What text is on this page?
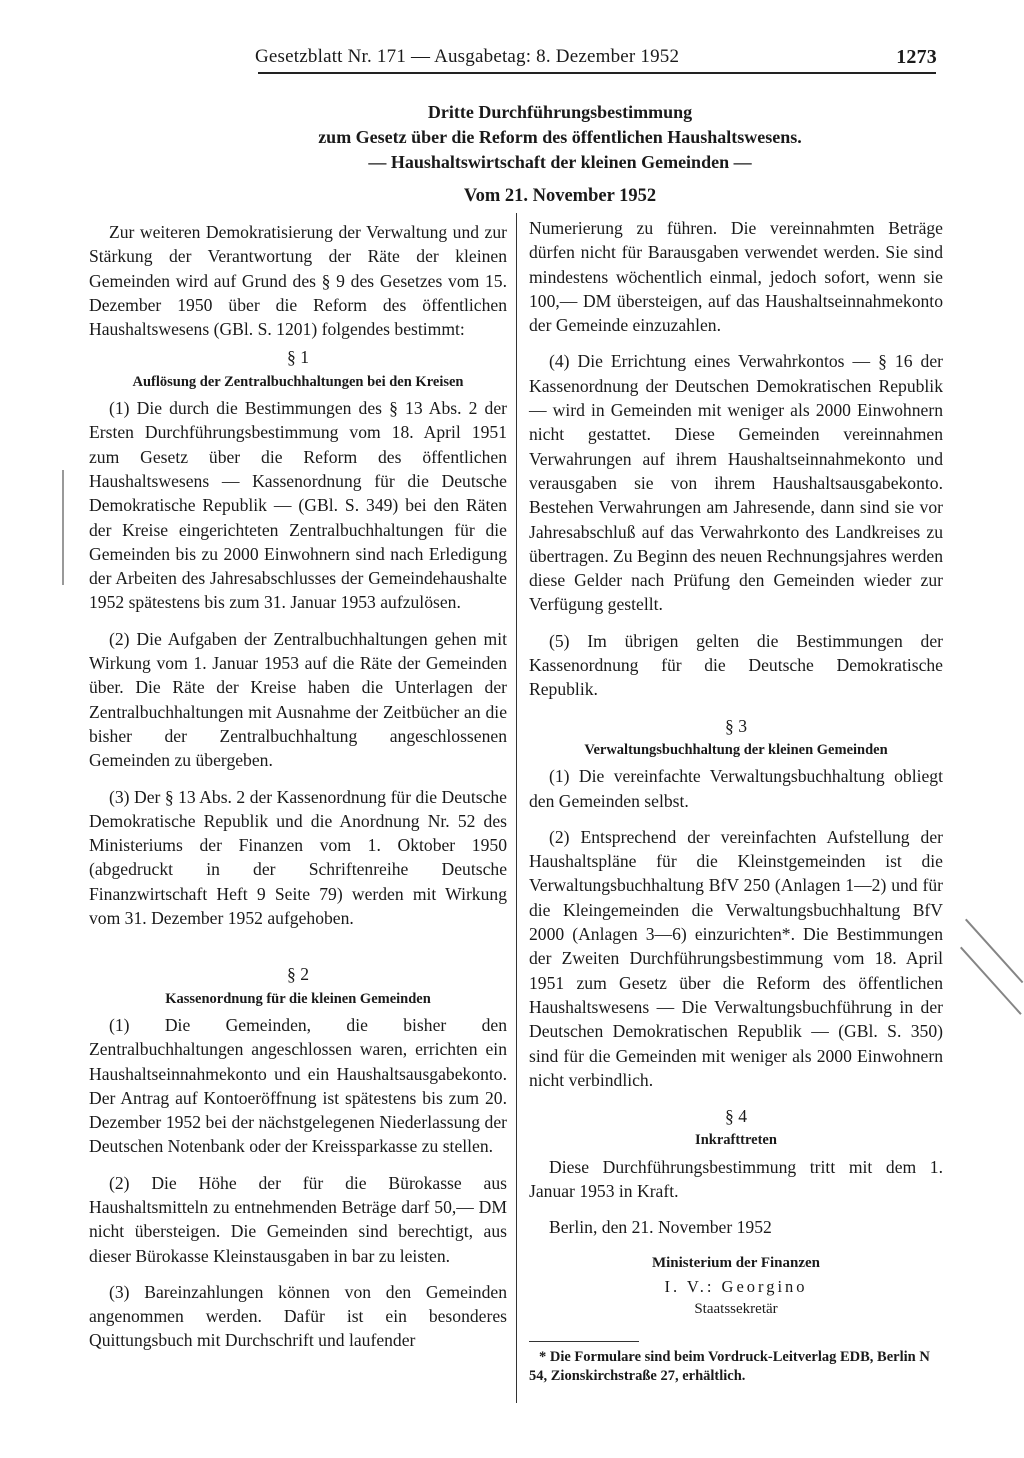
Gesetzblatt Nr. 171 — Ausgabetag: 8. Dezember 1952	1273
Dritte Durchführungsbestimmung
zum Gesetz über die Reform des öffentlichen Haushaltswesens.
— Haushaltswirtschaft der kleinen Gemeinden —
Vom 21. November 1952

Zur weiteren Demokratisierung der Verwaltung und zur Stärkung der Verantwortung der Räte der kleinen Gemeinden wird auf Grund des § 9 des Gesetzes vom 15. Dezember 1950 über die Reform des öffentlichen Haushaltswesens (GBl. S. 1201) folgendes bestimmt:

§ 1
Auflösung der Zentralbuchhaltungen bei den Kreisen

(1) Die durch die Bestimmungen des § 13 Abs. 2 der Ersten Durchführungsbestimmung vom 18. April 1951 zum Gesetz über die Reform des öffentlichen Haushaltswesens — Kassenordnung für die Deutsche Demokratische Republik — (GBl. S. 349) bei den Räten der Kreise eingerichteten Zentralbuchhaltungen für die Gemeinden bis zu 2000 Einwohnern sind nach Erledigung der Arbeiten des Jahresabschlusses der Gemeindehaushalte 1952 spätestens bis zum 31. Januar 1953 aufzulösen.

(2) Die Aufgaben der Zentralbuchhaltungen gehen mit Wirkung vom 1. Januar 1953 auf die Räte der Gemeinden über. Die Räte der Kreise haben die Unterlagen der Zentralbuchhaltungen mit Ausnahme der Zeitbücher an die bisher der Zentralbuchhaltung angeschlossenen Gemeinden zu übergeben.

(3) Der § 13 Abs. 2 der Kassenordnung für die Deutsche Demokratische Republik und die Anordnung Nr. 52 des Ministeriums der Finanzen vom 1. Oktober 1950 (abgedruckt in der Schriftenreihe Deutsche Finanzwirtschaft Heft 9 Seite 79) werden mit Wirkung vom 31. Dezember 1952 aufgehoben.

§ 2
Kassenordnung für die kleinen Gemeinden

(1) Die Gemeinden, die bisher den Zentralbuchhaltungen angeschlossen waren, errichten ein Haushaltseinnahmekonto und ein Haushaltsausgabekonto. Der Antrag auf Kontoeröffnung ist spätestens bis zum 20. Dezember 1952 bei der nächstgelegenen Niederlassung der Deutschen Notenbank oder der Kreissparkasse zu stellen.

(2) Die Höhe der für die Bürokasse aus Haushaltsmitteln zu entnehmenden Beträge darf 50,— DM nicht übersteigen. Die Gemeinden sind berechtigt, aus dieser Bürokasse Kleinstausgaben in bar zu leisten.

(3) Bareinzahlungen können von den Gemeinden angenommen werden. Dafür ist ein besonderes Quittungsbuch mit Durchschrift und laufender

Numerierung zu führen. Die vereinnahmten Beträge dürfen nicht für Barausgaben verwendet werden. Sie sind mindestens wöchentlich einmal, jedoch sofort, wenn sie 100,— DM übersteigen, auf das Haushaltseinnahmekonto der Gemeinde einzuzahlen.

(4) Die Errichtung eines Verwahrkontos — § 16 der Kassenordnung der Deutschen Demokratischen Republik — wird in Gemeinden mit weniger als 2000 Einwohnern nicht gestattet. Diese Gemeinden vereinnahmen Verwahrungen auf ihrem Haushaltseinnahmekonto und verausgaben sie von ihrem Haushaltsausgabekonto. Bestehen Verwahrungen am Jahresende, dann sind sie vor Jahresabschluß auf das Verwahrkonto des Landkreises zu übertragen. Zu Beginn des neuen Rechnungsjahres werden diese Gelder nach Prüfung den Gemeinden wieder zur Verfügung gestellt.

(5) Im übrigen gelten die Bestimmungen der Kassenordnung für die Deutsche Demokratische Republik.

§ 3
Verwaltungsbuchhaltung der kleinen Gemeinden

(1) Die vereinfachte Verwaltungsbuchhaltung obliegt den Gemeinden selbst.

(2) Entsprechend der vereinfachten Aufstellung der Haushaltspläne für die Kleinstgemeinden ist die Verwaltungsbuchhaltung BfV 250 (Anlagen 1—2) und für die Kleingemeinden die Verwaltungsbuchhaltung BfV 2000 (Anlagen 3—6) einzurichten*. Die Bestimmungen der Zweiten Durchführungsbestimmung vom 18. April 1951 zum Gesetz über die Reform des öffentlichen Haushaltswesens — Die Verwaltungsbuchführung in der Deutschen Demokratischen Republik — (GBl. S. 350) sind für die Gemeinden mit weniger als 2000 Einwohnern nicht verbindlich.

§ 4
Inkrafttreten

Diese Durchführungsbestimmung tritt mit dem 1. Januar 1953 in Kraft.

Berlin, den 21. November 1952

Ministerium der Finanzen
I. V.: Georgino
Staatssekretär
* Die Formulare sind beim Vordruck-Leitverlag EDB, Berlin N 54, Zionskirchstraße 27, erhältlich.
